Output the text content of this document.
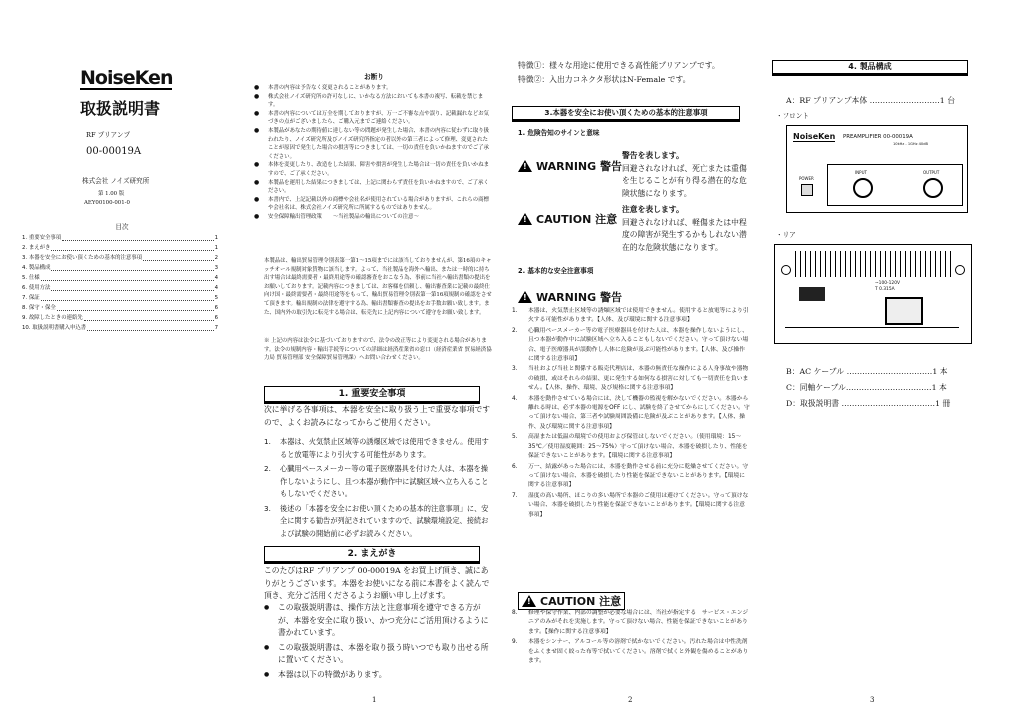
NoiseKen
取扱説明書
RF プリアンプ
00-00019A
株式会社 ノイズ研究所
第 1.00 版
AEY00100-001-0
目次
1. 重要安全事項	1
2. まえがき	1
3. 本器を安全にお使い頂くための基本的注意事項	2
4. 製品構成	3
5. 仕様	4
6. 使用方法	4
7. 保証	5
8. 保守・保全	6
9. 故障したときの連絡先	6
10. 取扱説明書購入申込書	7
お断り
● 本書の内容は予告なく変更されることがあります。
● 株式会社ノイズ研究所の許可なしに、いかなる方法においても本書の複写、転載を禁じます。
● 本書の内容については万全を期しておりますが、万一ご不審な点や誤り、記載漏れなどお気づきの点がございましたら、ご購入元までご連絡ください。
● 本製品があなたの期待値に達しない等の問題が発生した場合、本書の内容に従わずに取り扱われたり、ノイズ研究所及びノイズ研究所指定の者以外の第三者によって修理、変更されたことが原因で発生した場合の損害等につきましては、一切の責任を負いかねますのでご了承ください。
● 本体を変更したり、改造をした結果、障害や損害が発生した場合は一切の責任を負いかねますので、ご了承ください。
● 本製品を運用した結果につきましては、上記に関わらず責任を負いかねますので、ご了承ください。
● 本書内で、上記記載以外の商標や会社名が使用されている場合がありますが、これらの商標や会社名は、株式会社ノイズ研究所に所属するものではありません。
● 安全保障輸出管理政策　　～当社製品の輸出についての注意～
本製品は、輸出貿易管理令別表第一第1～15項までには該当しておりませんが、第16項のキャッチオール規制対象貨物に該当します。よって、当社製品を海外へ輸出、または一時的に持ち出す場合は最終需要者・最終用途等の確認審査をおこなう為、事前に当社へ輸出書類の提出をお願いしております。記載内容につきましては、お客様を信頼し、輸出審査業に記載の最終仕向け国・最終需要者・最終用途等をもって、輸出貿易管理令別表第一第16項規制の確認をさせて頂きます。輸出規制の法律を遵守する為、輸出書類審査の提出をお手数お願い致します。また、国内外の取引先に転売する場合は、転売先に上記内容について遵守をお願い致します。
※ 上記の内容は法令に基づいておりますので、法令の改正等により変更される場合があります。法令の規制内容・輸出手続等についての詳細は経済産業省の窓口（経済産業省 貿易経済協力局 貿易管理部 安全保障貿易管理課）へお問い合わせください。
1. 重要安全事項
次に挙げる各事項は、本器を安全に取り扱う上で重要な事項ですので、よくお読みになってからご使用ください。
1. 本器は、火気禁止区域等の誘爆区域では使用できません。使用すると放電等により引火する可能性があります。
2. 心臓用ペースメーカー等の電子医療器具を付けた人は、本器を操作しないようにし、且つ本器が動作中に試験区域へ立ち入ることもしないでください。
3. 後述の「本器を安全にお使い頂くための基本的注意事項」に、安全に関する勧告が列記されていますので、試験環境設定、接続および試験の開始前に必ずお読みください。
2. まえがき
このたびはRF プリアンプ 00-00019A をお買上げ頂き、誠にありがとうございます。本器をお使いになる前に本書をよく読んで頂き、充分ご活用くださるようお願い申し上げます。
● この取扱説明書は、操作方法と注意事項を遵守できる方がが、本器を安全に取り扱い、かつ充分にご活用頂けるように書かれています。
● この取扱説明書は、本器を取り扱う時いつでも取り出せる所に置いてください。
● 本器は以下の特徴があります。
1
特徴①：様々な用途に使用できる高性能プリアンプです。
特徴②：入出力コネクタ形状はN-Female です。
3.本器を安全にお使い頂くための基本的注意事項
1. 危険告知のサインと意味
!
WARNING 警告
警告を表します。
回避されなければ、死亡または重傷を生じることが有り得る潜在的な危険状態になります。
!
CAUTION 注意
注意を表します。
回避されなければ、軽傷または中程度の障害が発生するかもしれない潜在的な危険状態になります。
2. 基本的な安全注意事項
!
WARNING 警告
1. 本器は、火気禁止区域等の誘爆区域では使用できません。使用すると放電等により引火する可能性があります。【人体、及び環境に関する注意事項】
2. 心臓用ペースメーカー等の電子医療器具を付けた人は、本器を操作しないようにし、且つ本器が動作中に試験区域へ立ち入ることもしないでください。守って頂けない場合、電子医療器具が誤動作し人体に危険が及ぶ可能性があります。【人体、及び操作に関する注意事項】
3. 当社および当社と関係する販売代理店は、本器の無責任な操作による人身事故や器物の破損、或はそれらの結果、更に発生する如何なる損害に対しても一切責任を負いません。【人体、操作、環境、及び規格に関する注意事項】
4. 本器を動作させている場合には、決して機器の監視を解かないでください。本器から離れる時は、必ず本器の電源をOFF にし、試験を終了させてからにしてください。守って頂けない場合、第三者や試験周囲設備に危険が及ぶことがあります。【人体、操作、及び環境に関する注意事項】
5. 高湿または低温の環境での使用および保管はしないでください。（使用環境：15～35℃／使用湿度範囲：25～75%）守って頂けない場合、本器を破損したり、性能を保証できないことがあります。【環境に関する注意事項】
6. 万一、結露があった場合には、本器を動作させる前に充分に乾燥させてください。守って頂けない場合、本器を破損したり性能を保証できないことがあります。【環境に関する注意事項】
7. 湿度の高い場所、ほこりの多い場所で本器のご使用は避けてください。守って頂けない場合、本器を破損したり性能を保証できないことがあります。【環境に関する注意事項】
!
CAUTION 注意
8. 修理や保守作業、内部の調整が必要な場合には、当社が指定する　サービス・エンジニアのみがそれを実施します。守って頂けない場合、性能を保証できないことがあります。【操作に関する注意事項】
9. 本器をシンナー、アルコール等の溶剤で拭かないでください。汚れた場合は中性洗剤をふくませ固く絞った布等で拭いてください。溶剤で拭くと外観を傷めることがあります。
2
4. 製品構成
A：RF プリアンプ本体 ………………………1 台
・フロント
NoiseKen PREAMPLIFIER 00-00019A
10kHz - 1GHz 40dB
POWER
INPUT	OUTPUT
・リア
~100-120V
T 0.315A
B：AC ケーブル ……………………………1 本
C：同軸ケーブル……………………………1 本
D：取扱説明書 ………………………………1 冊
3
